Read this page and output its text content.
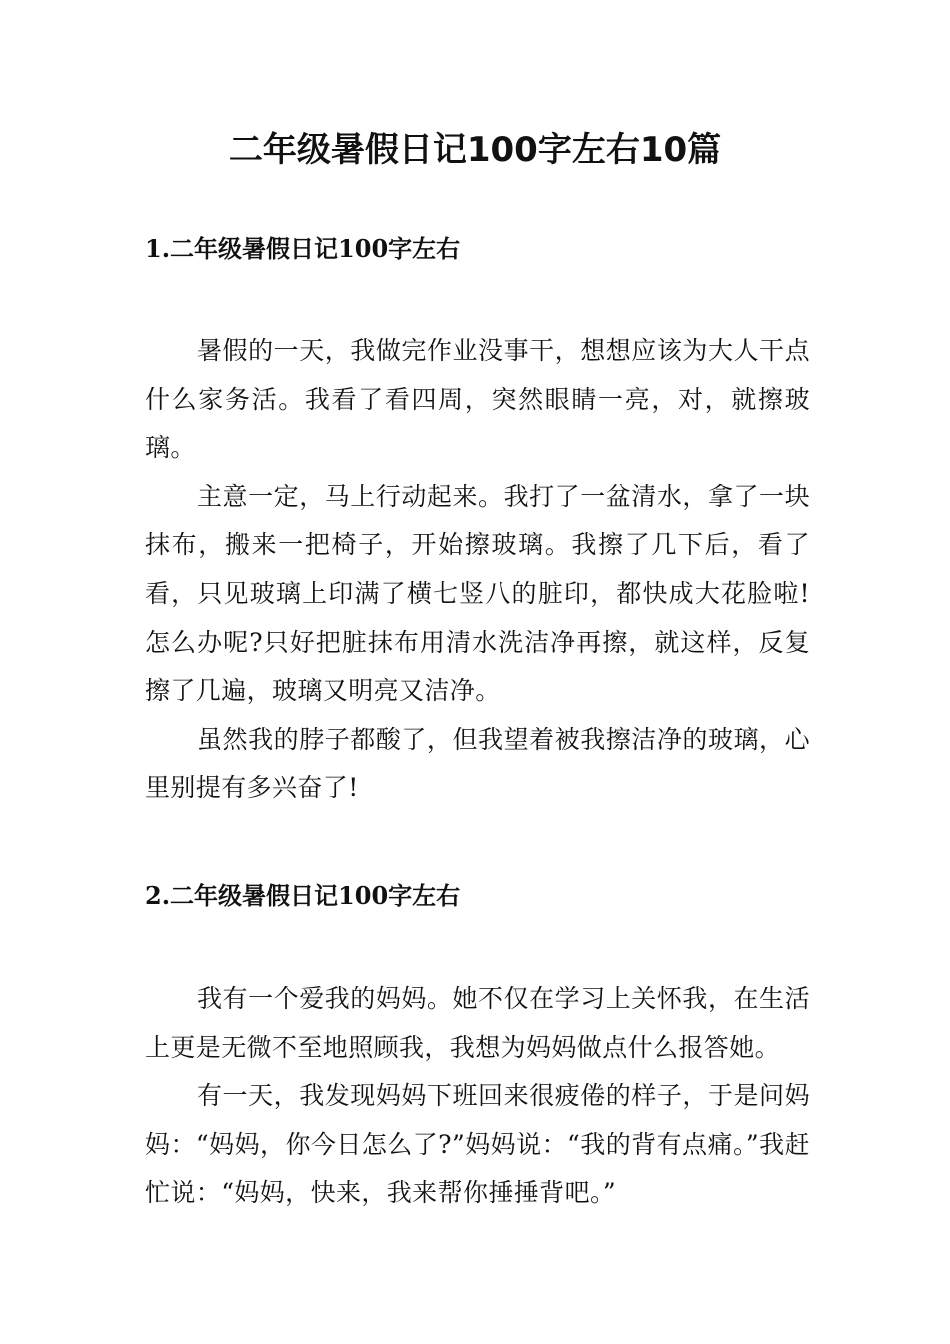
二年级暑假日记100字左右10篇
1.二年级暑假日记100字左右

暑假的一天，我做完作业没事干，想想应该为大人干点什么家务活。我看了看四周，突然眼睛一亮，对，就擦玻璃。

主意一定，马上行动起来。我打了一盆清水，拿了一块抹布，搬来一把椅子，开始擦玻璃。我擦了几下后，看了看，只见玻璃上印满了横七竖八的脏印，都快成大花脸啦!怎么办呢?只好把脏抹布用清水洗洁净再擦，就这样，反复擦了几遍，玻璃又明亮又洁净。

虽然我的脖子都酸了，但我望着被我擦洁净的玻璃，心里别提有多兴奋了!

2.二年级暑假日记100字左右

我有一个爱我的妈妈。她不仅在学习上关怀我，在生活上更是无微不至地照顾我，我想为妈妈做点什么报答她。

有一天，我发现妈妈下班回来很疲倦的样子，于是问妈妈：“妈妈，你今日怎么了?”妈妈说：“我的背有点痛。”我赶忙说：“妈妈，快来，我来帮你捶捶背吧。”
